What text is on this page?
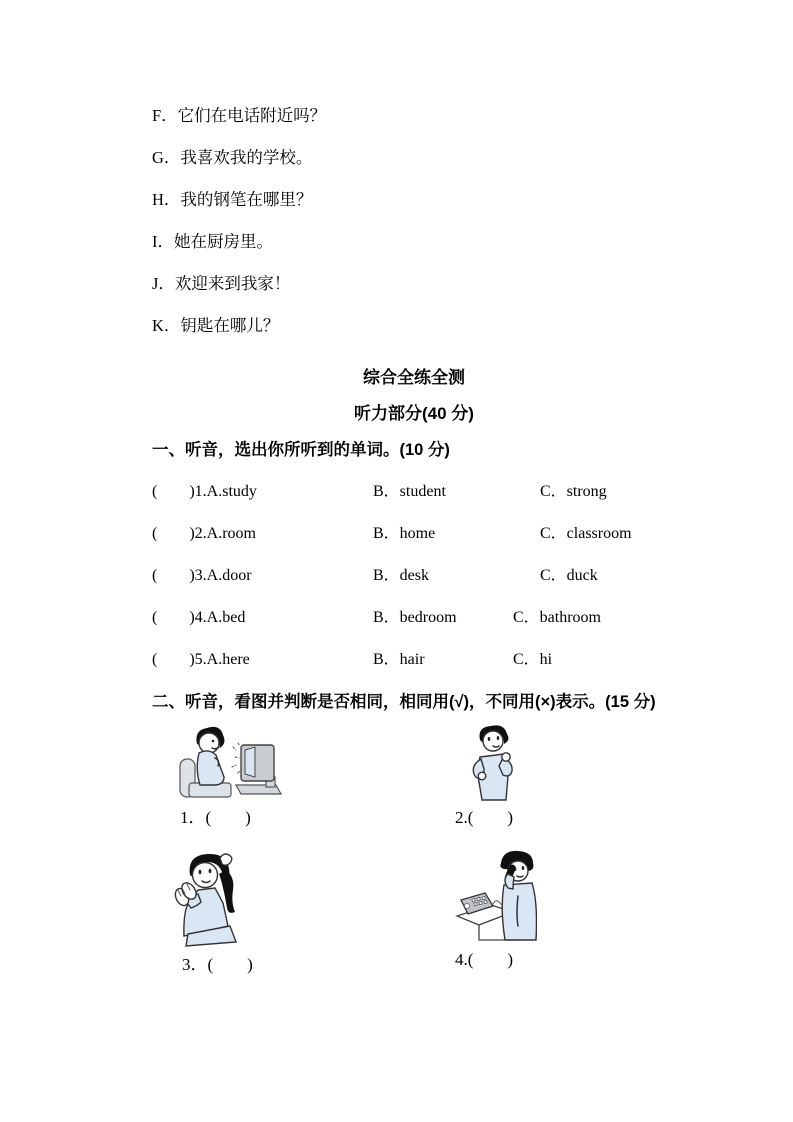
F．它们在电话附近吗？

G．我喜欢我的学校。

H．我的钢笔在哪里？

I．她在厨房里。

J．欢迎来到我家！

K．钥匙在哪儿？

综合全练全测
听力部分(40 分)
一、听音，选出你所听到的单词。(10 分)
(　　)1.A.study	B．student	C．strong
(　　)2.A.room	B．home	C．classroom
(　　)3.A.door	B．desk	C．duck
(　　)4.A.bed	B．bedroom	C．bathroom
(　　)5.A.here	B．hair	C．hi
二、听音，看图并判断是否相同，相同用(√)，不同用(×)表示。(15 分)
1．(　　)	2.(　　)
3．(　　)	4.(　　)
